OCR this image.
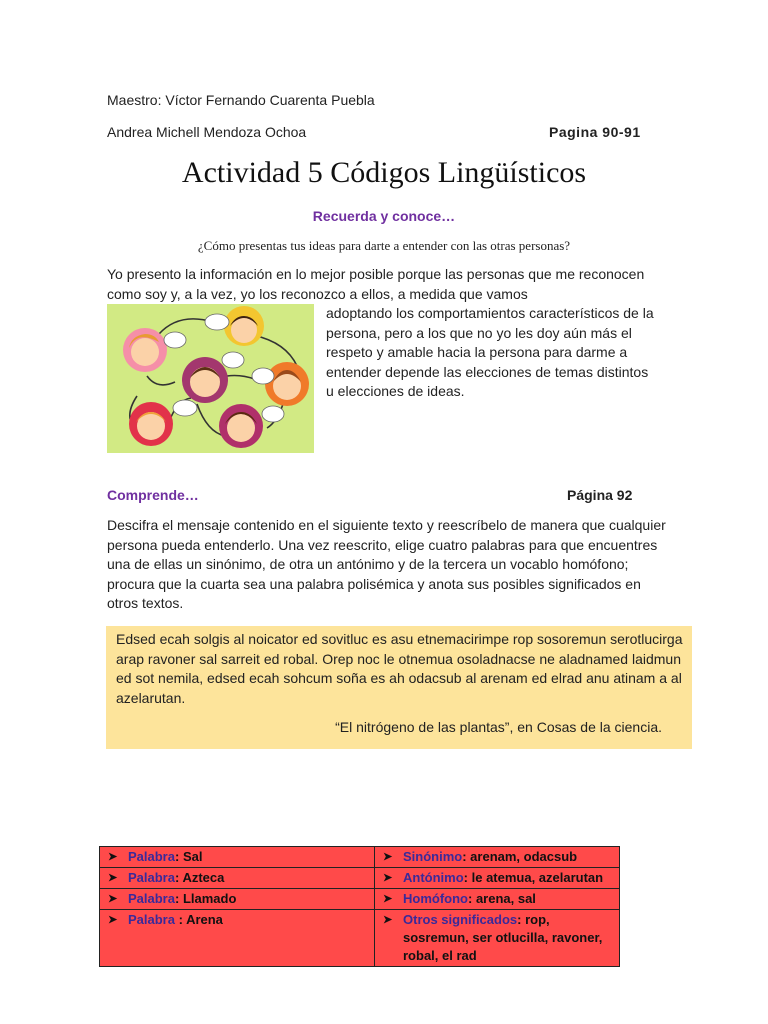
Maestro: Víctor Fernando Cuarenta Puebla
Andrea Michell Mendoza Ochoa	Pagina 90-91
Actividad 5 Códigos Lingüísticos
Recuerda y conoce…
¿Cómo presentas tus ideas para darte a entender con las otras personas?
Yo presento la información en lo mejor posible porque las personas que me reconocen como soy y, a la vez, yo los reconozco a ellos, a medida que vamos
adoptando los comportamientos característicos de la persona, pero a los que no yo les doy aún más el respeto y amable hacia la persona para darme a entender depende las elecciones de temas distintos u elecciones de ideas.
Comprende…	Página 92
Descifra el mensaje contenido en el siguiente texto y reescríbelo de manera que cualquier persona pueda entenderlo. Una vez reescrito, elige cuatro palabras para que encuentres una de ellas un sinónimo, de otra un antónimo y de la tercera un vocablo homófono; procura que la cuarta sea una palabra polisémica y anota sus posibles significados en otros textos.
Edsed ecah solgis al noicator ed sovitluc es asu etnemacirimpe rop sosoremun serotlucirga arap ravoner sal sarreit ed robal. Orep noc le otnemua osoladnacse ne aladnamed laidmun ed sot nemila, edsed ecah sohcum soña es ah odacsub al arenam ed elrad anu atinam a al azelarutan.
“El nitrógeno de las plantas”, en Cosas de la ciencia.
➤ Palabra: Sal	➤ Sinónimo: arenam, odacsub

➤ Palabra: Azteca	➤ Antónimo: le atemua, azelarutan

➤ Palabra: Llamado	➤ Homófono: arena, sal

➤ Palabra : Arena	➤ Otros significados: rop, sosremun, ser otlucilla, ravoner, robal, el rad
